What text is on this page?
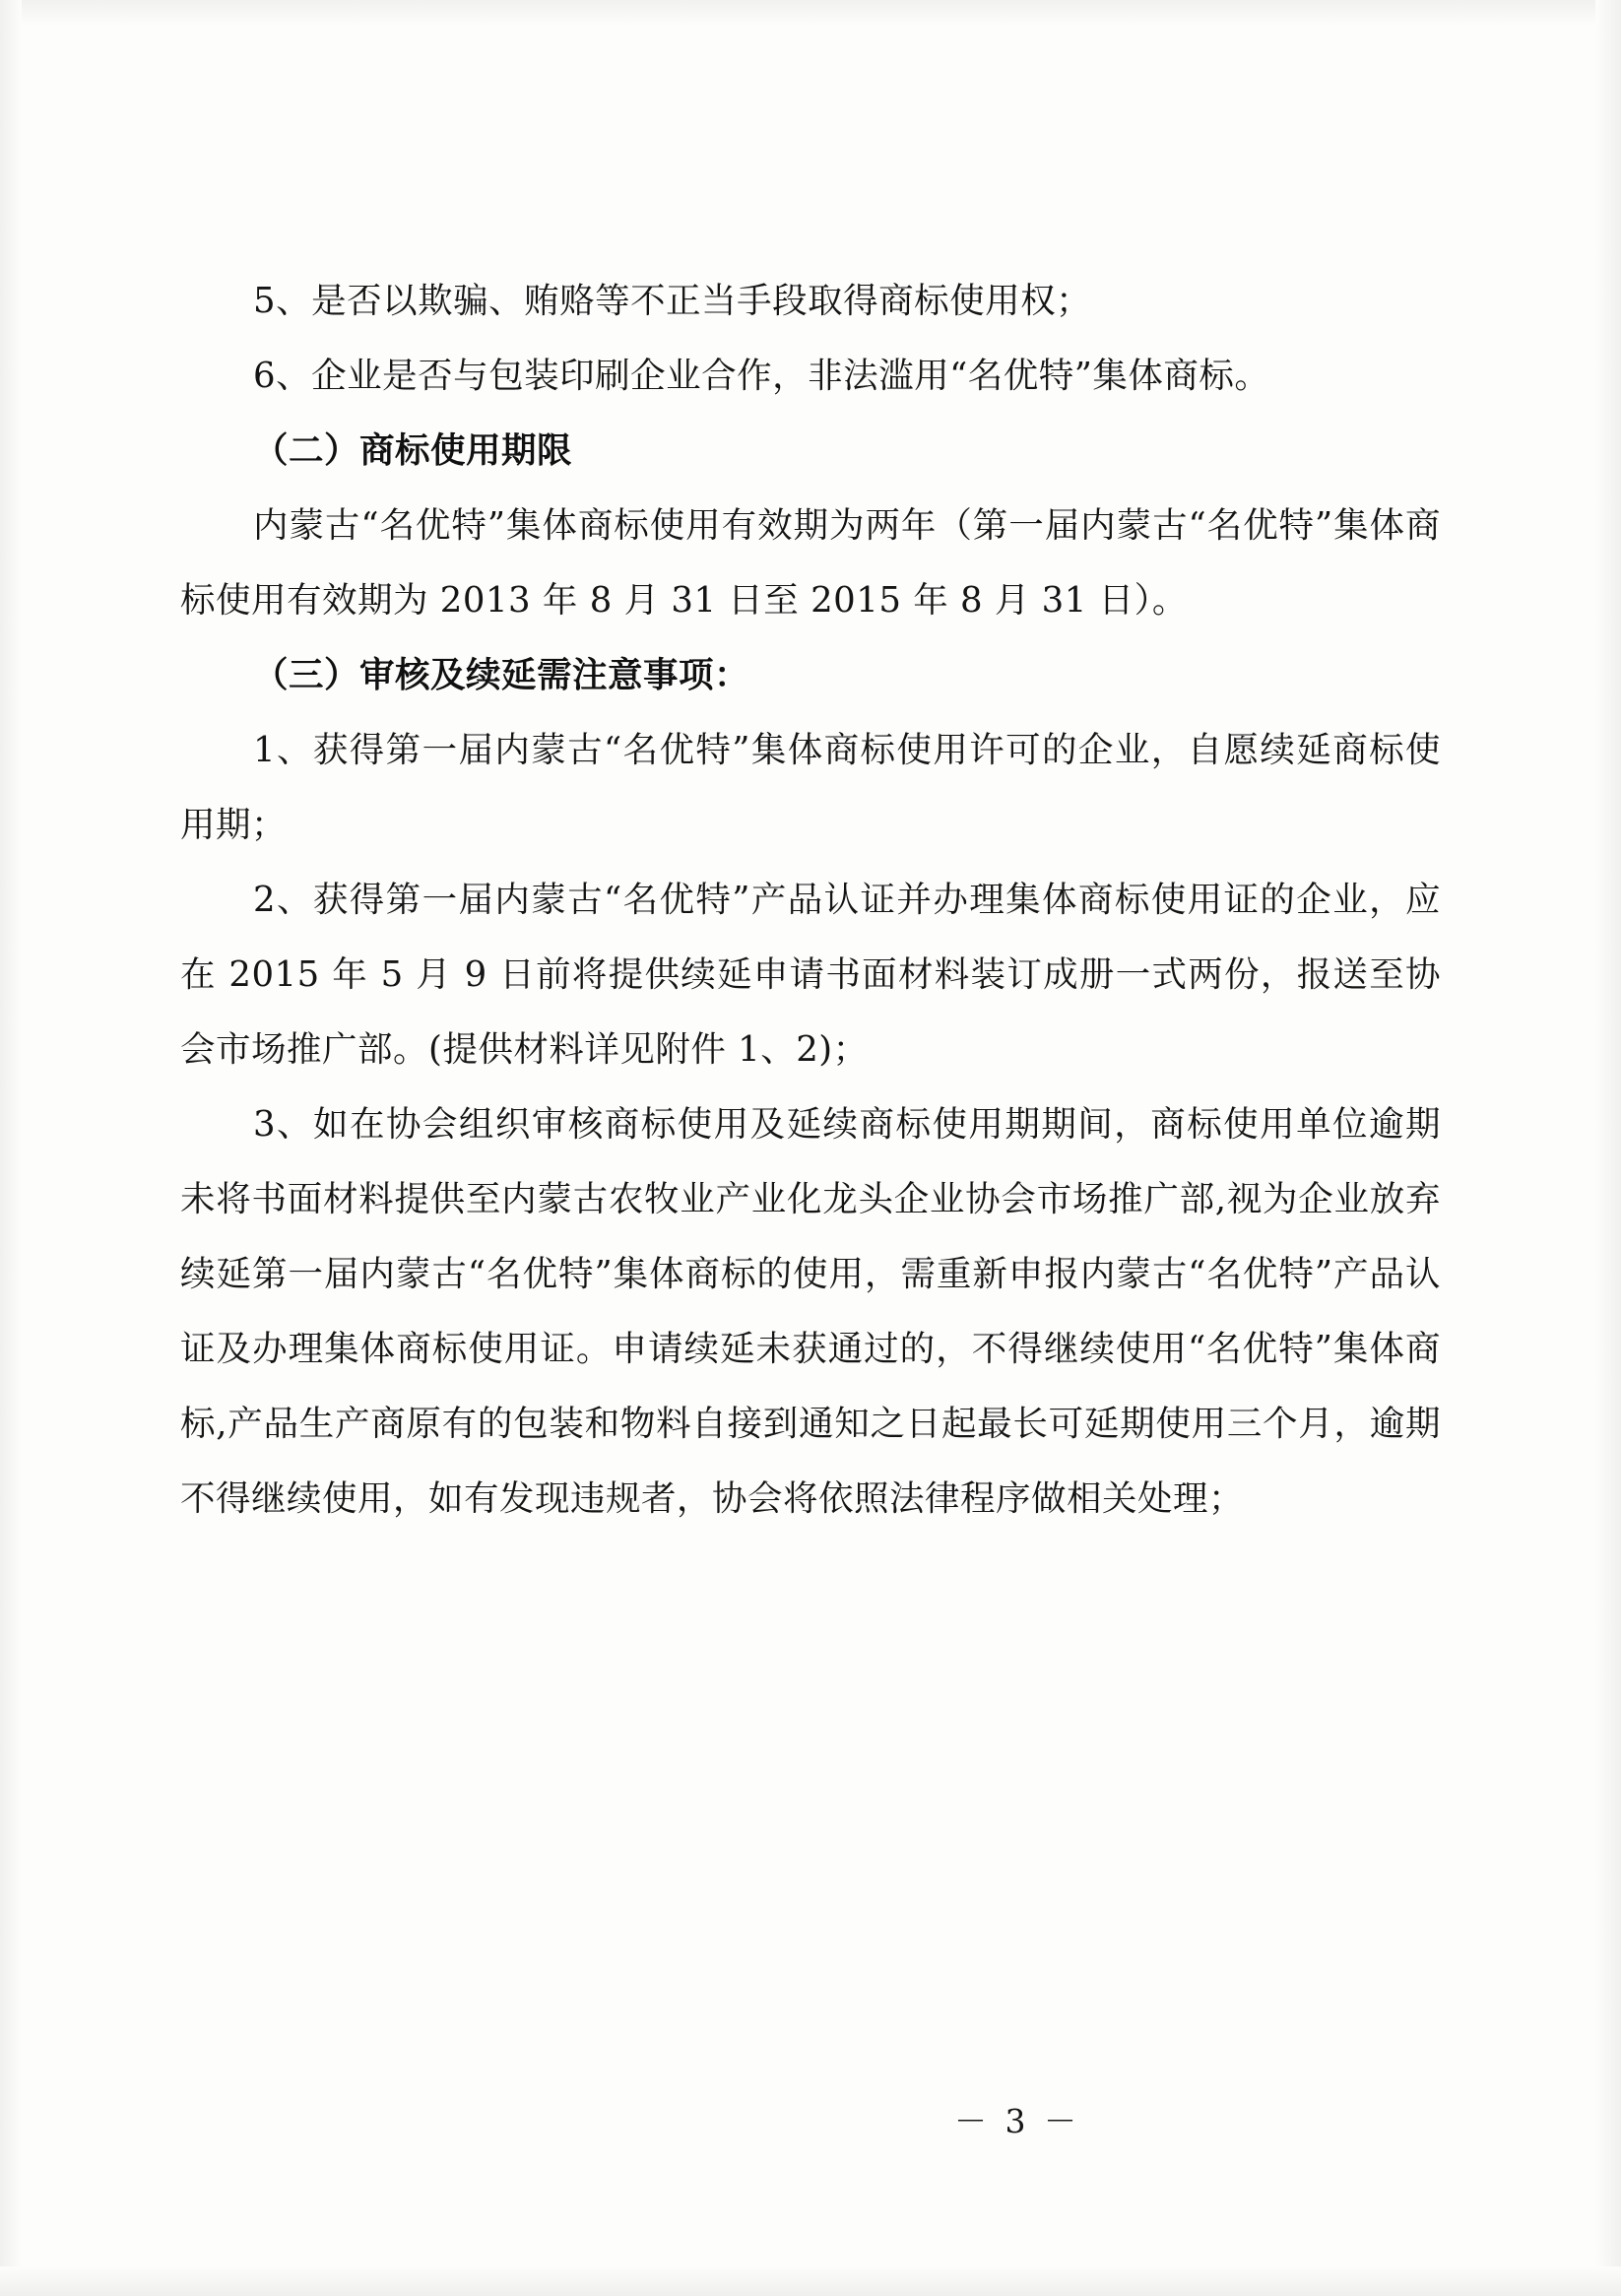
5、是否以欺骗、贿赂等不正当手段取得商标使用权；

6、企业是否与包装印刷企业合作，非法滥用“名优特”集体商标。

（二）商标使用期限

内蒙古“名优特”集体商标使用有效期为两年（第一届内蒙古“名优特”集体商标使用有效期为 2013 年 8 月 31 日至 2015 年 8 月 31 日）。

（三）审核及续延需注意事项：

1、获得第一届内蒙古“名优特”集体商标使用许可的企业，自愿续延商标使用期；

2、获得第一届内蒙古“名优特”产品认证并办理集体商标使用证的企业，应在 2015 年 5 月 9 日前将提供续延申请书面材料装订成册一式两份，报送至协会市场推广部。(提供材料详见附件 1、2)；

3、如在协会组织审核商标使用及延续商标使用期期间，商标使用单位逾期未将书面材料提供至内蒙古农牧业产业化龙头企业协会市场推广部,视为企业放弃续延第一届内蒙古“名优特”集体商标的使用，需重新申报内蒙古“名优特”产品认证及办理集体商标使用证。申请续延未获通过的，不得继续使用“名优特”集体商标,产品生产商原有的包装和物料自接到通知之日起最长可延期使用三个月，逾期不得继续使用，如有发现违规者，协会将依照法律程序做相关处理；

－ 3 －
